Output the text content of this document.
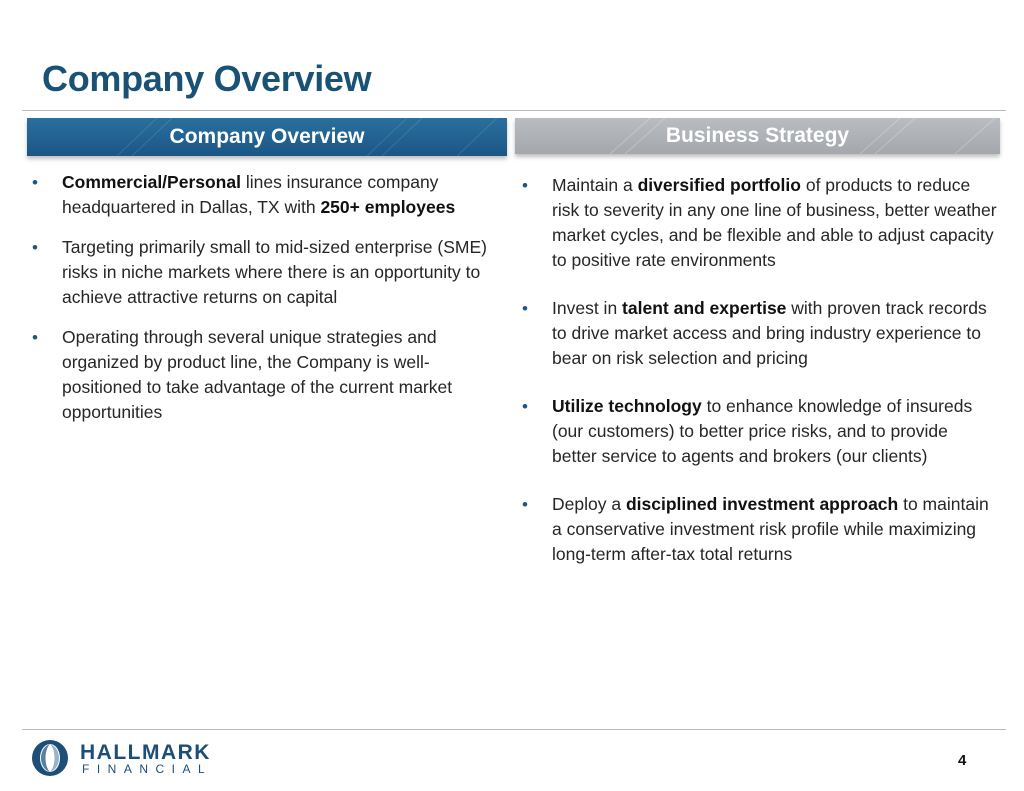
Company Overview
Company Overview	Business Strategy
• Commercial/Personal lines insurance company headquartered in Dallas, TX with 250+ employees
• Targeting primarily small to mid-sized enterprise (SME) risks in niche markets where there is an opportunity to achieve attractive returns on capital
• Operating through several unique strategies and organized by product line, the Company is well-positioned to take advantage of the current market opportunities
• Maintain a diversified portfolio of products to reduce risk to severity in any one line of business, better weather market cycles, and be flexible and able to adjust capacity to positive rate environments
• Invest in talent and expertise with proven track records to drive market access and bring industry experience to bear on risk selection and pricing
• Utilize technology to enhance knowledge of insureds (our customers) to better price risks, and to provide better service to agents and brokers (our clients)
• Deploy a disciplined investment approach to maintain a conservative investment risk profile while maximizing long-term after-tax total returns
HALLMARK
FINANCIAL	4
